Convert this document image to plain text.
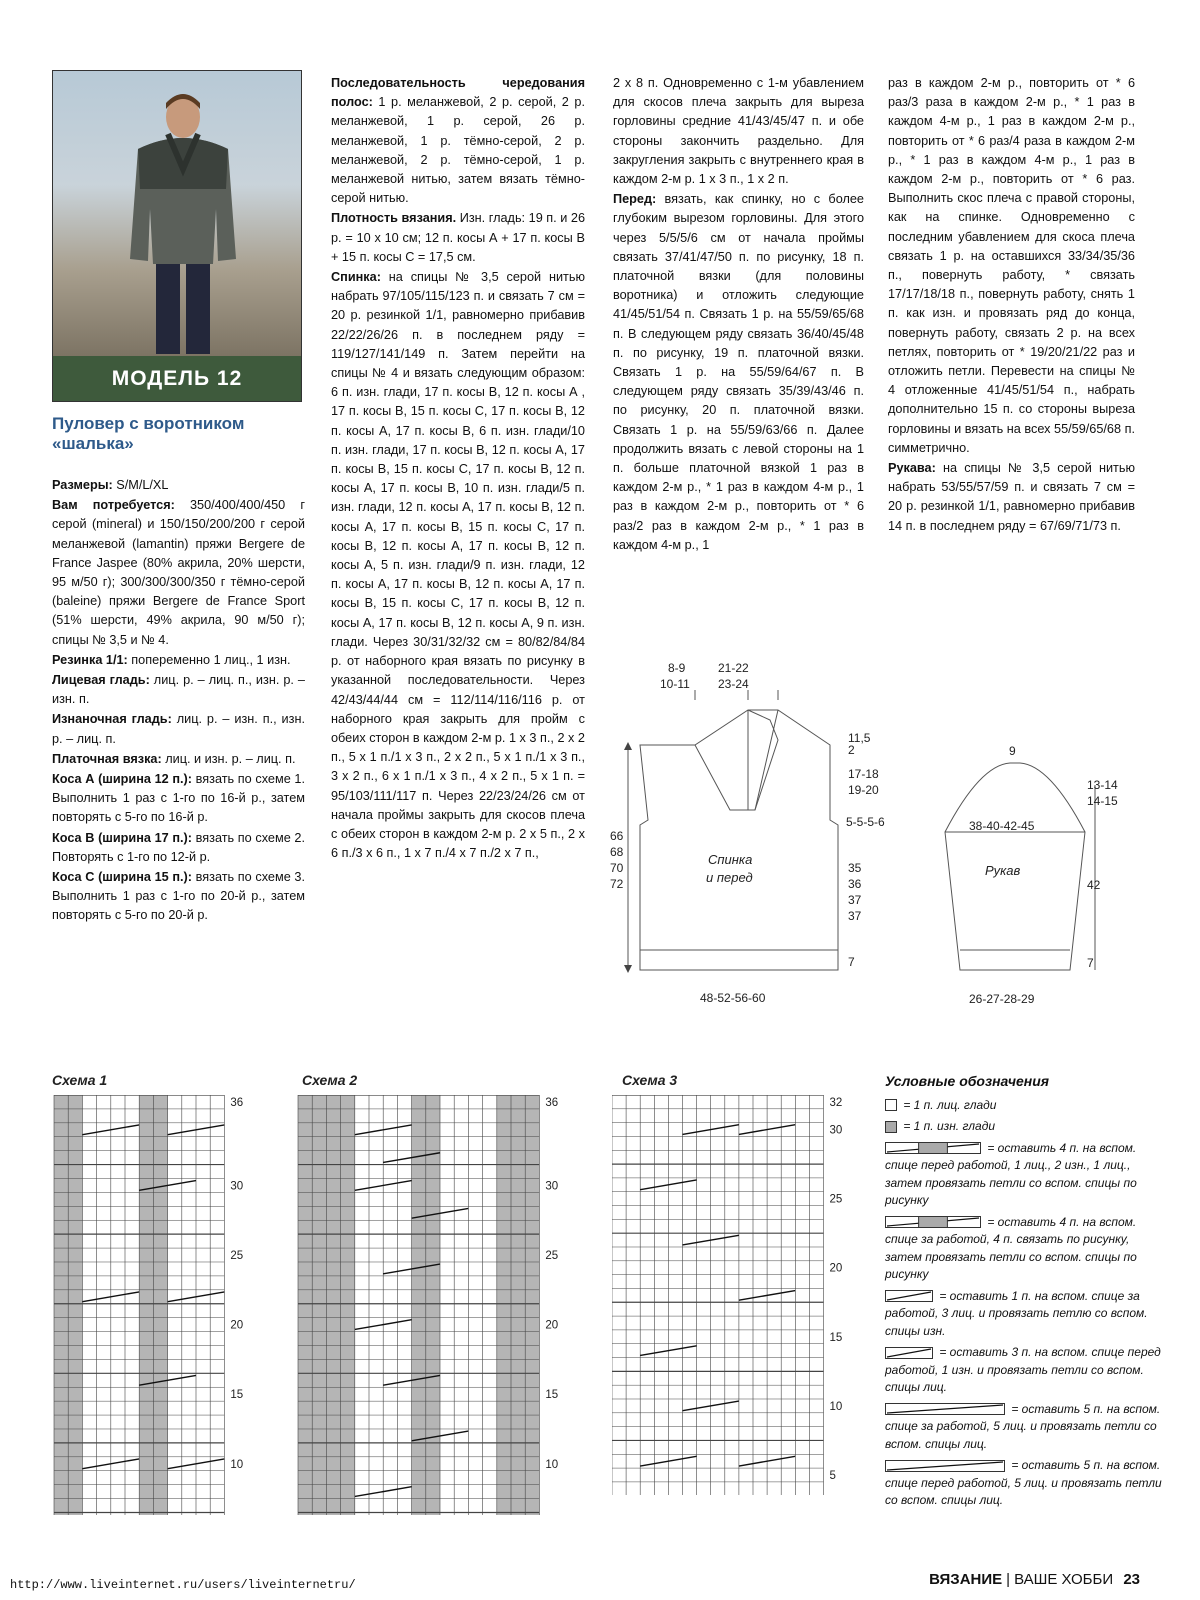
МОДЕЛЬ 12
Пуловер с воротником «шалька»

Размеры: S/M/L/XL

Вам потребуется: 350/400/400/450 г серой (mineral) и 150/150/200/200 г серой меланжевой (lamantin) пряжи Bergere de France Jaspee (80% акрила, 20% шерсти, 95 м/50 г); 300/300/300/350 г тёмно-серой (baleine) пряжи Bergere de France Sport (51% шерсти, 49% акрила, 90 м/50 г); спицы № 3,5 и № 4.

Резинка 1/1: попеременно 1 лиц., 1 изн.

Лицевая гладь: лиц. р. – лиц. п., изн. р. – изн. п.

Изнаночная гладь: лиц. р. – изн. п., изн. р. – лиц. п.

Платочная вязка: лиц. и изн. р. – лиц. п.

Коса А (ширина 12 п.): вязать по схеме 1. Выполнить 1 раз с 1-го по 16-й р., затем повторять с 5-го по 16-й р.

Коса В (ширина 17 п.): вязать по схеме 2. Повторять с 1-го по 12-й р.

Коса С (ширина 15 п.): вязать по схеме 3. Выполнить 1 раз с 1-го по 20-й р., затем повторять с 5-го по 20-й р.

Последовательность чередования полос: 1 р. меланжевой, 2 р. серой, 2 р. меланжевой, 1 р. серой, 26 р. меланжевой, 1 р. тёмно-серой, 2 р. меланжевой, 2 р. тёмно-серой, 1 р. меланжевой нитью, затем вязать тёмно-серой нитью.

Плотность вязания. Изн. гладь: 19 п. и 26 р. = 10 х 10 см; 12 п. косы А + 17 п. косы В + 15 п. косы С = 17,5 см.

Спинка: на спицы № 3,5 серой нитью набрать 97/105/115/123 п. и связать 7 см = 20 р. резинкой 1/1, равномерно прибавив 22/22/26/26 п. в последнем ряду = 119/127/141/149 п. Затем перейти на спицы № 4 и вязать следующим образом: 6 п. изн. глади, 17 п. косы В, 12 п. косы А , 17 п. косы В, 15 п. косы С, 17 п. косы В, 12 п. косы А, 17 п. косы В, 6 п. изн. глади/10 п. изн. глади, 17 п. косы В, 12 п. косы А, 17 п. косы В, 15 п. косы С, 17 п. косы В, 12 п. косы А, 17 п. косы В, 10 п. изн. глади/5 п. изн. глади, 12 п. косы А, 17 п. косы В, 12 п. косы А, 17 п. косы В, 15 п. косы С, 17 п. косы В, 12 п. косы А, 17 п. косы В, 12 п. косы А, 5 п. изн. глади/9 п. изн. глади, 12 п. косы А, 17 п. косы В, 12 п. косы А, 17 п. косы В, 15 п. косы С, 17 п. косы В, 12 п. косы А, 17 п. косы В, 12 п. косы А, 9 п. изн. глади. Через 30/31/32/32 см = 80/82/84/84 р. от наборного края вязать по рисунку в указанной последовательности. Через 42/43/44/44 см = 112/114/116/116 р. от наборного края закрыть для пройм с обеих сторон в каждом 2-м р. 1 х 3 п., 2 х 2 п., 5 х 1 п./1 х 3 п., 2 х 2 п., 5 х 1 п./1 х 3 п., 3 х 2 п., 6 х 1 п./1 х 3 п., 4 х 2 п., 5 х 1 п. = 95/103/111/117 п. Через 22/23/24/26 см от начала проймы закрыть для скосов плеча с обеих сторон в каждом 2-м р. 2 х 5 п., 2 х 6 п./3 х 6 п., 1 х 7 п./4 х 7 п./2 х 7 п.,

2 х 8 п. Одновременно с 1-м убавлением для скосов плеча закрыть для выреза горловины средние 41/43/45/47 п. и обе стороны закончить раздельно. Для закругления закрыть с внутреннего края в каждом 2-м р. 1 х 3 п., 1 х 2 п.

Перед: вязать, как спинку, но с более глубоким вырезом горловины. Для этого через 5/5/5/6 см от начала проймы связать 37/41/47/50 п. по рисунку, 18 п. платочной вязки (для половины воротника) и отложить следующие 41/45/51/54 п. Связать 1 р. на 55/59/65/68 п. В следующем ряду связать 36/40/45/48 п. по рисунку, 19 п. платочной вязки. Связать 1 р. на 55/59/64/67 п. В следующем ряду связать 35/39/43/46 п. по рисунку, 20 п. платочной вязки. Связать 1 р. на 55/59/63/66 п. Далее продолжить вязать с левой стороны на 1 п. больше платочной вязкой 1 раз в каждом 2-м р., * 1 раз в каждом 4-м р., 1 раз в каждом 2-м р., повторить от * 6 раз/2 раз в каждом 2-м р., * 1 раз в каждом 4-м р., 1

раз в каждом 2-м р., повторить от * 6 раз/3 раза в каждом 2-м р., * 1 раз в каждом 4-м р., 1 раз в каждом 2-м р., повторить от * 6 раз/4 раза в каждом 2-м р., * 1 раз в каждом 4-м р., 1 раз в каждом 2-м р., повторить от * 6 раз. Выполнить скос плеча с правой стороны, как на спинке. Одновременно с последним убавлением для скоса плеча связать 1 р. на оставшихся 33/34/35/36 п., повернуть работу, * связать 17/17/18/18 п., повернуть работу, снять 1 п. как изн. и провязать ряд до конца, повернуть работу, связать 2 р. на всех петлях, повторить от * 19/20/21/22 раз и отложить петли. Перевести на спицы № 4 отложенные 41/45/51/54 п., набрать дополнительно 15 п. со стороны выреза горловины и вязать на всех 55/59/65/68 п. симметрично.

Рукава: на спицы № 3,5 серой нитью набрать 53/55/57/59 п. и связать 7 см = 20 р. резинкой 1/1, равномерно прибавив 14 п. в последнем ряду = 67/69/71/73 п.

8-9
10-11
21-22
23-24
11,5
2
17-18
19-20
5-5-5-6
35
36
37
37
7
66
68
70
72
Спинка
и перед
48-52-56-60
9
13-14
14-15
38-40-42-45
Рукав
42
7
26-27-28-29
Схема 1	Схема 2	Схема 3
36
30
25
20
15
10
36
30
25
20
15
10
32
30
25
20
15
10
5
Условные обозначения
= 1 п. лиц. глади
= 1 п. изн. глади
= оставить 4 п. на вспом. спице перед работой, 1 лиц., 2 изн., 1 лиц., затем провязать петли со вспом. спицы по рисунку
= оставить 4 п. на вспом. спице за работой, 4 п. связать по рисунку, затем провязать петли со вспом. спицы по рисунку
= оставить 1 п. на вспом. спице за работой, 3 лиц. и провязать петлю со вспом. спицы изн.
= оставить 3 п. на вспом. спице перед работой, 1 изн. и провязать петли со вспом. спицы лиц.
= оставить 5 п. на вспом. спице за работой, 5 лиц. и провязать петли со вспом. спицы лиц.
= оставить 5 п. на вспом. спице перед работой, 5 лиц. и провязать петли со вспом. спицы лиц.
http://www.liveinternet.ru/users/liveinternetru/	ВЯЗАНИЕ | ВАШЕ ХОББИ 23
